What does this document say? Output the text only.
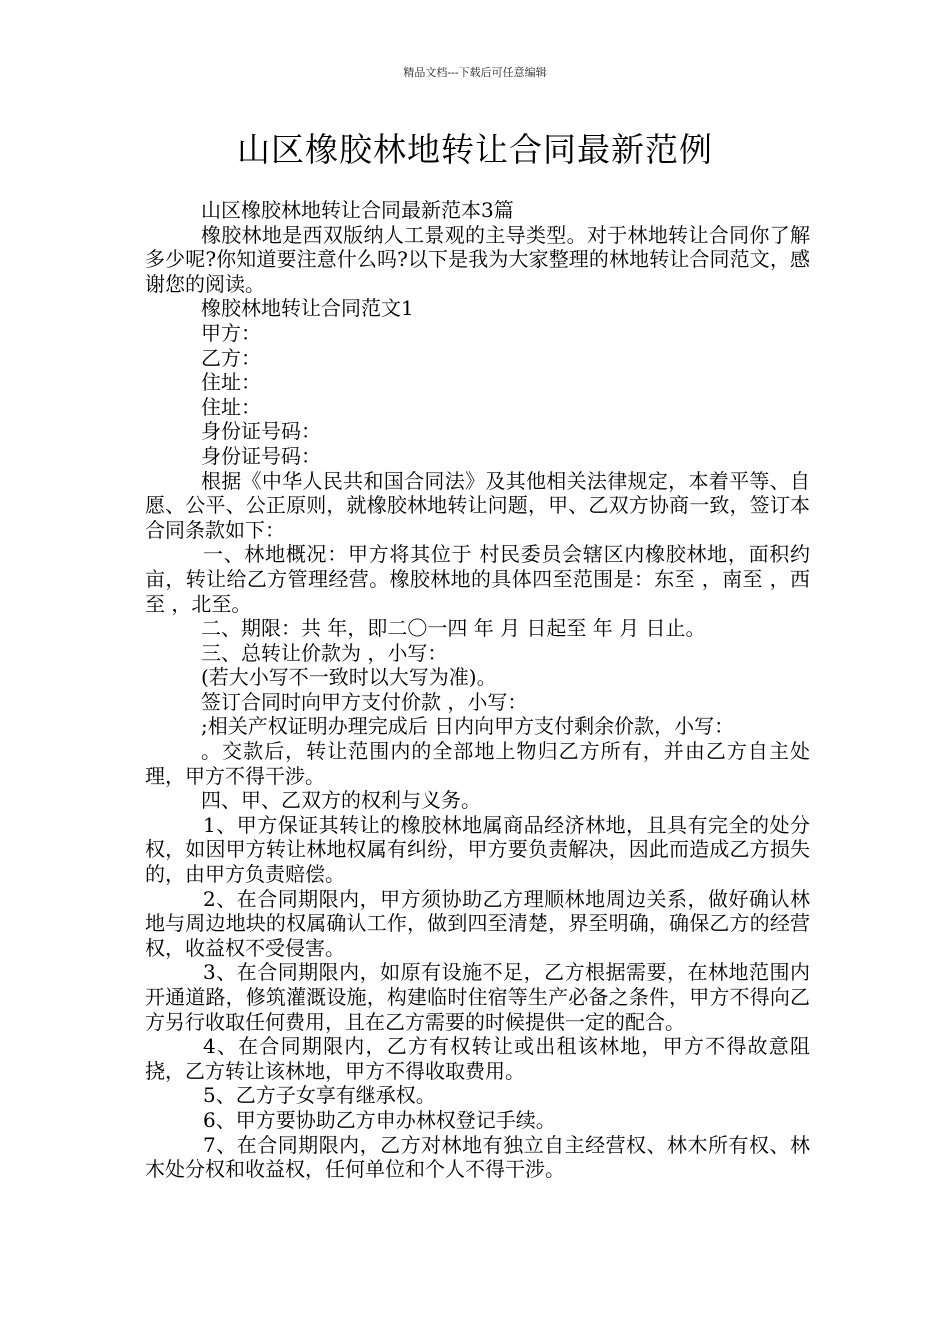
精品文档---下载后可任意编辑
山区橡胶林地转让合同最新范例

山区橡胶林地转让合同最新范本3篇

橡胶林地是西双版纳人工景观的主导类型。对于林地转让合同你了解多少呢?你知道要注意什么吗?以下是我为大家整理的林地转让合同范文，感谢您的阅读。

橡胶林地转让合同范文1

甲方：

乙方：

住址：

住址：

身份证号码：

身份证号码：

根据《中华人民共和国合同法》及其他相关法律规定，本着平等、自愿、公平、公正原则，就橡胶林地转让问题，甲、乙双方协商一致，签订本合同条款如下：

一、林地概况：甲方将其位于 村民委员会辖区内橡胶林地，面积约 亩，转让给乙方管理经营。橡胶林地的具体四至范围是：东至 ，南至 ，西至 ，北至。

二、期限：共 年，即二〇一四 年 月 日起至 年 月 日止。

三、总转让价款为 ，小写：

(若大小写不一致时以大写为准)。

签订合同时向甲方支付价款 ，小写：

;相关产权证明办理完成后 日内向甲方支付剩余价款，小写：

。交款后，转让范围内的全部地上物归乙方所有，并由乙方自主处理，甲方不得干涉。

四、甲、乙双方的权利与义务。

1、甲方保证其转让的橡胶林地属商品经济林地，且具有完全的处分权，如因甲方转让林地权属有纠纷，甲方要负责解决，因此而造成乙方损失的，由甲方负责赔偿。

2、在合同期限内，甲方须协助乙方理顺林地周边关系，做好确认林地与周边地块的权属确认工作，做到四至清楚，界至明确，确保乙方的经营权，收益权不受侵害。

3、在合同期限内，如原有设施不足，乙方根据需要，在林地范围内开通道路，修筑灌溉设施，构建临时住宿等生产必备之条件，甲方不得向乙方另行收取任何费用，且在乙方需要的时候提供一定的配合。

4、在合同期限内，乙方有权转让或出租该林地，甲方不得故意阻挠，乙方转让该林地，甲方不得收取费用。

5、乙方子女享有继承权。

6、甲方要协助乙方申办林权登记手续。

7、在合同期限内，乙方对林地有独立自主经营权、林木所有权、林木处分权和收益权，任何单位和个人不得干涉。
